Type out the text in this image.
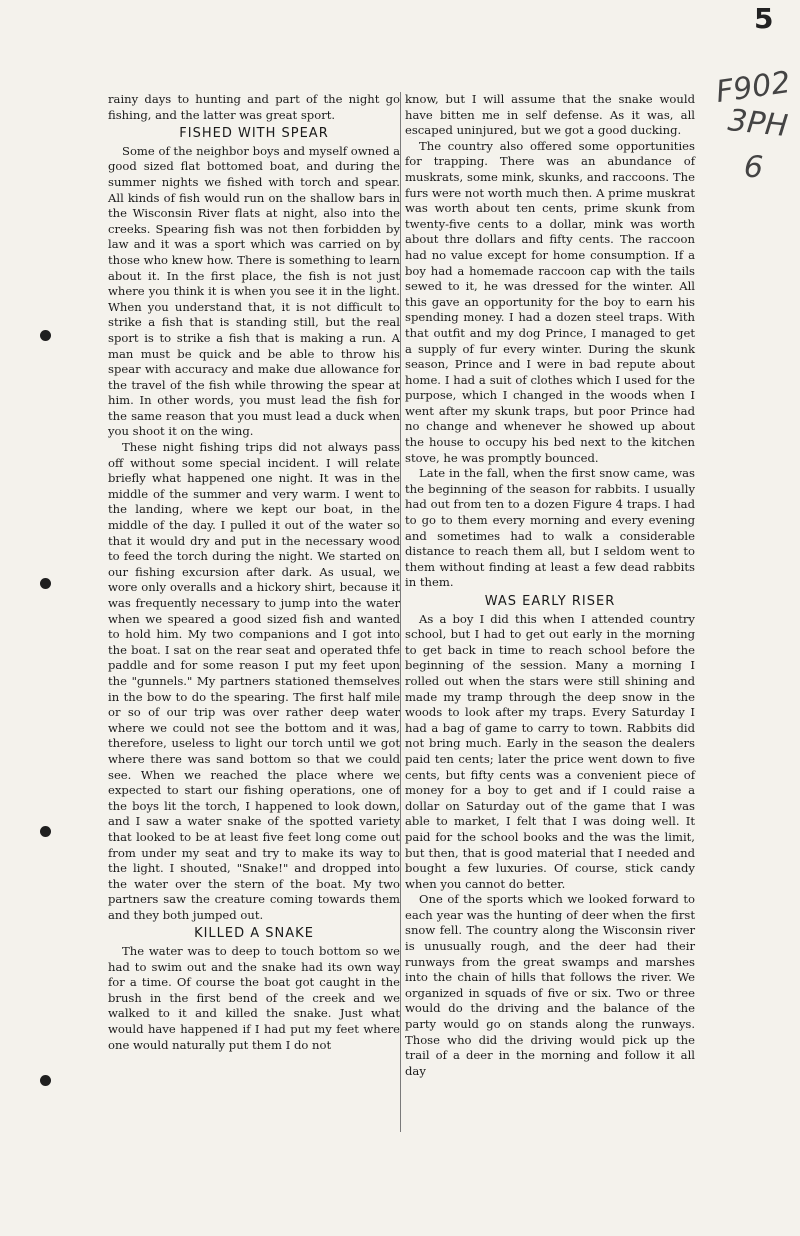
5
F902
3PH
6

rainy days to hunting and part of the night go fishing, and the latter was great sport.

FISHED WITH SPEAR

Some of the neighbor boys and myself owned a good sized flat bottomed boat, and during the summer nights we fished with torch and spear. All kinds of fish would run on the shallow bars in the Wisconsin River flats at night, also into the creeks. Spearing fish was not then forbidden by law and it was a sport which was carried on by those who knew how. There is something to learn about it. In the first place, the fish is not just where you think it is when you see it in the light. When you understand that, it is not difficult to strike a fish that is standing still, but the real sport is to strike a fish that is making a run. A man must be quick and be able to throw his spear with accuracy and make due allowance for the travel of the fish while throwing the spear at him. In other words, you must lead the fish for the same reason that you must lead a duck when you shoot it on the wing.

These night fishing trips did not always pass off without some special incident. I will relate briefly what happened one night. It was in the middle of the summer and very warm. I went to the landing, where we kept our boat, in the middle of the day. I pulled it out of the water so that it would dry and put in the necessary wood to feed the torch during the night. We started on our fishing excursion after dark. As usual, we wore only overalls and a hickory shirt, because it was frequently necessary to jump into the water when we speared a good sized fish and wanted to hold him. My two companions and I got into the boat. I sat on the rear seat and operated thfe paddle and for some reason I put my feet upon the "gunnels." My partners stationed themselves in the bow to do the spearing. The first half mile or so of our trip was over rather deep water where we could not see the bottom and it was, therefore, useless to light our torch until we got where there was sand bottom so that we could see. When we reached the place where we expected to start our fishing operations, one of the boys lit the torch, I happened to look down, and I saw a water snake of the spotted variety that looked to be at least five feet long come out from under my seat and try to make its way to the light. I shouted, "Snake!" and dropped into the water over the stern of the boat. My two partners saw the creature coming towards them and they both jumped out.

KILLED A SNAKE

The water was to deep to touch bottom so we had to swim out and the snake had its own way for a time. Of course the boat got caught in the brush in the first bend of the creek and we walked to it and killed the snake. Just what would have happened if I had put my feet where one would naturally put them I do not

know, but I will assume that the snake would have bitten me in self defense. As it was, all escaped uninjured, but we got a good ducking.

The country also offered some opportunities for trapping. There was an abundance of muskrats, some mink, skunks, and raccoons. The furs were not worth much then. A prime muskrat was worth about ten cents, prime skunk from twenty-five cents to a dollar, mink was worth about thre dollars and fifty cents. The raccoon had no value except for home consumption. If a boy had a homemade raccoon cap with the tails sewed to it, he was dressed for the winter. All this gave an opportunity for the boy to earn his spending money. I had a dozen steel traps. With that outfit and my dog Prince, I managed to get a supply of fur every winter. During the skunk season, Prince and I were in bad repute about home. I had a suit of clothes which I used for the purpose, which I changed in the woods when I went after my skunk traps, but poor Prince had no change and whenever he showed up about the house to occupy his bed next to the kitchen stove, he was promptly bounced.

Late in the fall, when the first snow came, was the beginning of the season for rabbits. I usually had out from ten to a dozen Figure 4 traps. I had to go to them every morning and every evening and sometimes had to walk a considerable distance to reach them all, but I seldom went to them without finding at least a few dead rabbits in them.

WAS EARLY RISER

As a boy I did this when I attended country school, but I had to get out early in the morning to get back in time to reach school before the beginning of the session. Many a morning I rolled out when the stars were still shining and made my tramp through the deep snow in the woods to look after my traps. Every Saturday I had a bag of game to carry to town. Rabbits did not bring much. Early in the season the dealers paid ten cents; later the price went down to five cents, but fifty cents was a convenient piece of money for a boy to get and if I could raise a dollar on Saturday out of the game that I was able to market, I felt that I was doing well. It paid for the school books and the was the limit, but then, that is good material that I needed and bought a few luxuries. Of course, stick candy when you cannot do better.

One of the sports which we looked forward to each year was the hunting of deer when the first snow fell. The country along the Wisconsin river is unusually rough, and the deer had their runways from the great swamps and marshes into the chain of hills that follows the river. We organized in squads of five or six. Two or three would do the driving and the balance of the party would go on stands along the runways. Those who did the driving would pick up the trail of a deer in the morning and follow it all day
